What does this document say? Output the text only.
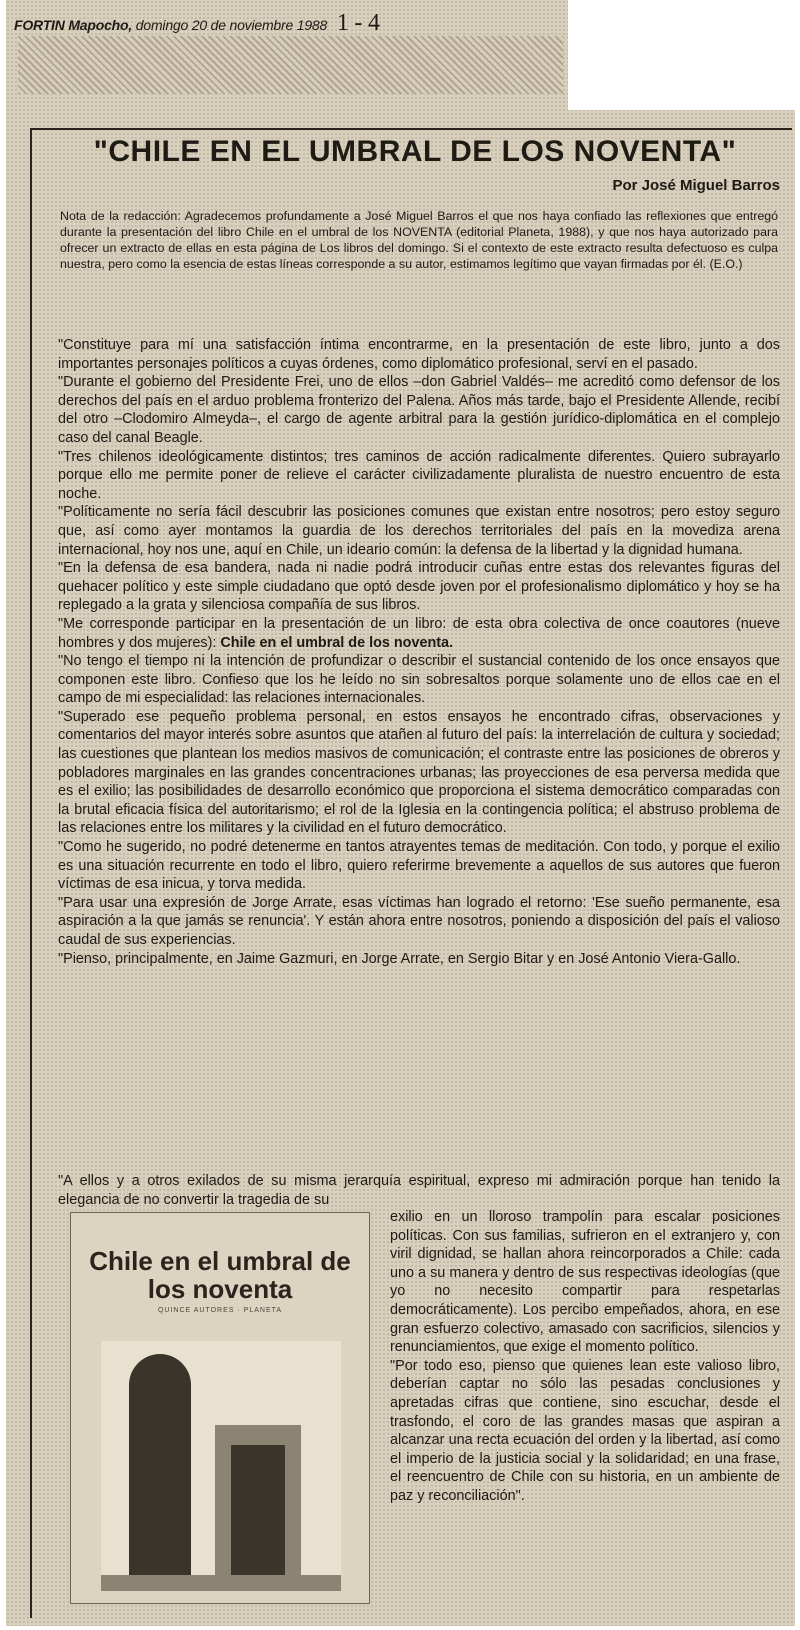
FORTIN Mapocho, domingo 20 de noviembre 1988 1 - 4
"CHILE EN EL UMBRAL DE LOS NOVENTA"
Por José Miguel Barros

Nota de la redacción: Agradecemos profundamente a José Miguel Barros el que nos haya confiado las reflexiones que entregó durante la presentación del libro Chile en el umbral de los NOVENTA (editorial Planeta, 1988), y que nos haya autorizado para ofrecer un extracto de ellas en esta página de Los libros del domingo. Si el contexto de este extracto resulta defectuoso es culpa nuestra, pero como la esencia de estas líneas corresponde a su autor, estimamos legítimo que vayan firmadas por él. (E.O.)

"Constituye para mí una satisfacción íntima encontrarme, en la presentación de este libro, junto a dos importantes personajes políticos a cuyas órdenes, como diplomático profesional, serví en el pasado.

"Durante el gobierno del Presidente Frei, uno de ellos –don Gabriel Valdés– me acreditó como defensor de los derechos del país en el arduo problema fronterizo del Palena. Años más tarde, bajo el Presidente Allende, recibí del otro –Clodomiro Almeyda–, el cargo de agente arbitral para la gestión jurídico-diplomática en el complejo caso del canal Beagle.

"Tres chilenos ideológicamente distintos; tres caminos de acción radicalmente diferentes. Quiero subrayarlo porque ello me permite poner de relieve el carácter civilizadamente pluralista de nuestro encuentro de esta noche.

"Políticamente no sería fácil descubrir las posiciones comunes que existan entre nosotros; pero estoy seguro que, así como ayer montamos la guardia de los derechos territoriales del país en la movediza arena internacional, hoy nos une, aquí en Chile, un ideario común: la defensa de la libertad y la dignidad humana.

"En la defensa de esa bandera, nada ni nadie podrá introducir cuñas entre estas dos relevantes figuras del quehacer político y este simple ciudadano que optó desde joven por el profesionalismo diplomático y hoy se ha replegado a la grata y silenciosa compañía de sus libros.

"Me corresponde participar en la presentación de un libro: de esta obra colectiva de once coautores (nueve hombres y dos mujeres): Chile en el umbral de los noventa.

"No tengo el tiempo ni la intención de profundizar o describir el sustancial contenido de los once ensayos que componen este libro. Confieso que los he leído no sin sobresaltos porque solamente uno de ellos cae en el campo de mi especialidad: las relaciones internacionales.

"Superado ese pequeño problema personal, en estos ensayos he encontrado cifras, observaciones y comentarios del mayor interés sobre asuntos que atañen al futuro del país: la interrelación de cultura y sociedad; las cuestiones que plantean los medios masivos de comunicación; el contraste entre las posiciones de obreros y pobladores marginales en las grandes concentraciones urbanas; las proyecciones de esa perversa medida que es el exilio; las posibilidades de desarrollo económico que proporciona el sistema democrático comparadas con la brutal eficacia física del autoritarismo; el rol de la Iglesia en la contingencia política; el abstruso problema de las relaciones entre los militares y la civilidad en el futuro democrático.

"Como he sugerido, no podré detenerme en tantos atrayentes temas de meditación. Con todo, y porque el exilio es una situación recurrente en todo el libro, quiero referirme brevemente a aquellos de sus autores que fueron víctimas de esa inicua, y torva medida.

"Para usar una expresión de Jorge Arrate, esas víctimas han logrado el retorno: 'Ese sueño permanente, esa aspiración a la que jamás se renuncia'. Y están ahora entre nosotros, poniendo a disposición del país el valioso caudal de sus experiencias.

"Pienso, principalmente, en Jaime Gazmuri, en Jorge Arrate, en Sergio Bitar y en José Antonio Viera-Gallo.

"A ellos y a otros exilados de su misma jerarquía espiritual, expreso mi admiración porque han tenido la elegancia de no convertir la tragedia de su
Chile en el umbral de los noventa
QUINCE AUTORES · PLANETA

exilio en un lloroso trampolín para escalar posiciones políticas. Con sus familias, sufrieron en el extranjero y, con viril dignidad, se hallan ahora reincorporados a Chile: cada uno a su manera y dentro de sus respectivas ideologías (que yo no necesito compartir para respetarlas democráticamente). Los percibo empeñados, ahora, en ese gran esfuerzo colectivo, amasado con sacrificios, silencios y renunciamientos, que exige el momento político.

"Por todo eso, pienso que quienes lean este valioso libro, deberían captar no sólo las pesadas conclusiones y apretadas cifras que contiene, sino escuchar, desde el trasfondo, el coro de las grandes masas que aspiran a alcanzar una recta ecuación del orden y la libertad, así como el imperio de la justicia social y la solidaridad; en una frase, el reencuentro de Chile con su historia, en un ambiente de paz y reconciliación".
